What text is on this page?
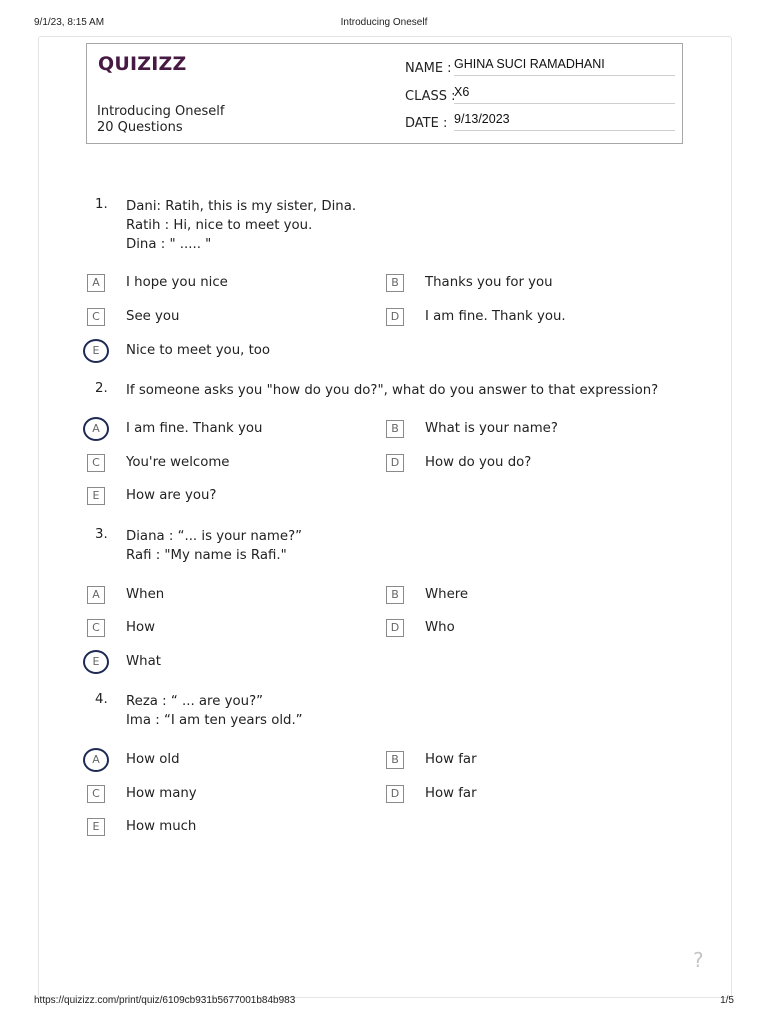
9/1/23, 8:15 AM	Introducing Oneself
QUIZIZZ
Introducing Oneself
20 Questions
NAME : GHINA SUCI RAMADHANI
CLASS :
X6
DATE : 9/13/2023
1.	Dani: Ratih, this is my sister, Dina.
Ratih : Hi, nice to meet you.
Dina : " ..... "
A	I hope you nice	B	Thanks you for you
C	See you	D	I am fine. Thank you.
E	Nice to meet you, too
2.	If someone asks you "how do you do?", what do you answer to that expression?
A	I am fine. Thank you	B	What is your name?
C	You're welcome	D	How do you do?
E	How are you?
3.	Diana : “... is your name?”
Rafi : "My name is Rafi."
A	When	B	Where
C	How	D	Who
E	What
4.	Reza : “ ... are you?”
Ima : “I am ten years old.”
A	How old	B	How far
C	How many	D	How far
E	How much
?
https://quizizz.com/print/quiz/6109cb931b5677001b84b983	1/5
